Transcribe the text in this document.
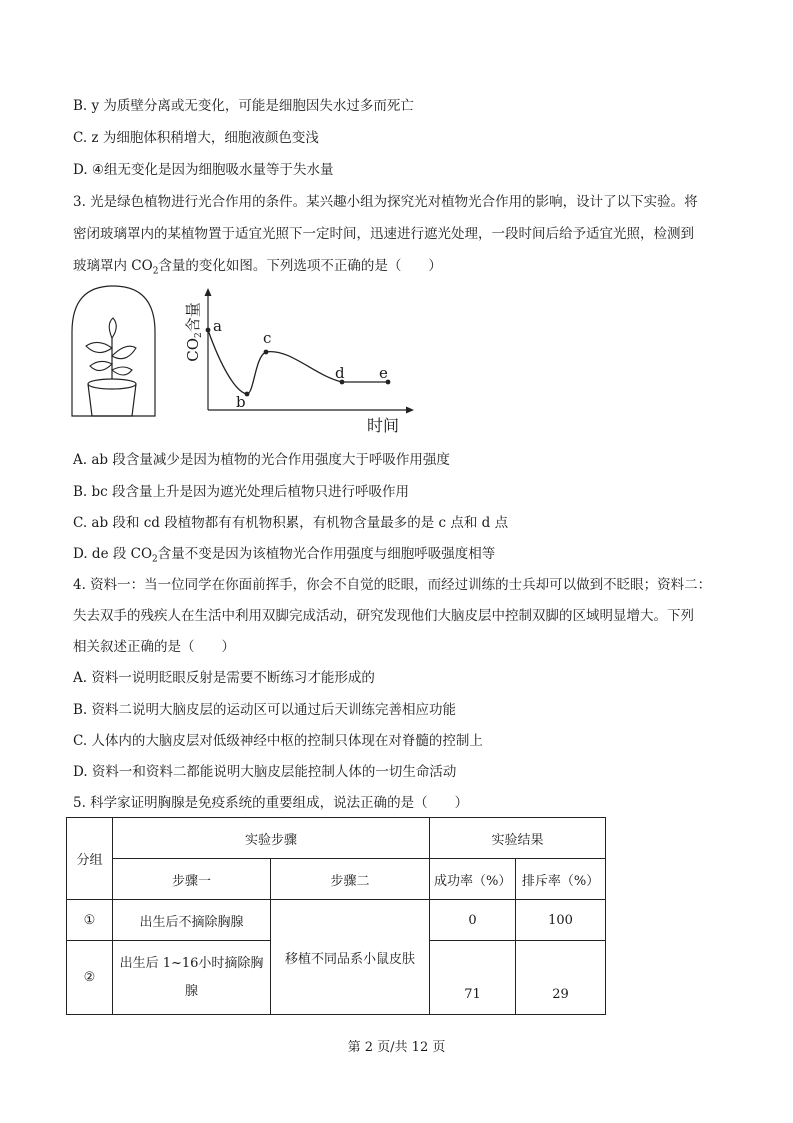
B. y 为质壁分离或无变化，可能是细胞因失水过多而死亡
C. z 为细胞体积稍增大，细胞液颜色变浅
D. ④组无变化是因为细胞吸水量等于失水量
3. 光是绿色植物进行光合作用的条件。某兴趣小组为探究光对植物光合作用的影响，设计了以下实验。将
密闭玻璃罩内的某植物置于适宜光照下一定时间，迅速进行遮光处理，一段时间后给予适宜光照，检测到
玻璃罩内 $CO_2$含量的变化如图。下列选项不正确的是（　　）
$CO_2$含量
时间
a
b
c
d e
A. ab 段含量减少是因为植物的光合作用强度大于呼吸作用强度
B. bc 段含量上升是因为遮光处理后植物只进行呼吸作用
C. ab 段和 cd 段植物都有有机物积累，有机物含量最多的是 c 点和 d 点
D. de 段 $CO_2$含量不变是因为该植物光合作用强度与细胞呼吸强度相等
4. 资料一：当一位同学在你面前挥手，你会不自觉的眨眼，而经过训练的士兵却可以做到不眨眼；资料二：
失去双手的残疾人在生活中利用双脚完成活动，研究发现他们大脑皮层中控制双脚的区域明显增大。下列
相关叙述正确的是（　　）
A. 资料一说明眨眼反射是需要不断练习才能形成的
B. 资料二说明大脑皮层的运动区可以通过后天训练完善相应功能
C. 人体内的大脑皮层对低级神经中枢的控制只体现在对脊髓的控制上
D. 资料一和资料二都能说明大脑皮层能控制人体的一切生命活动
5. 科学家证明胸腺是免疫系统的重要组成，说法正确的是（　　）
分组	实验步骤		实验结果	
	步骤一	步骤二	成功率（%）	排斥率（%）
①	出生后不摘除胸腺	移植不同品系小鼠皮肤	0	100
②	出生后 1~16小时摘除胸腺		71	29
第 2 页/共 12 页
